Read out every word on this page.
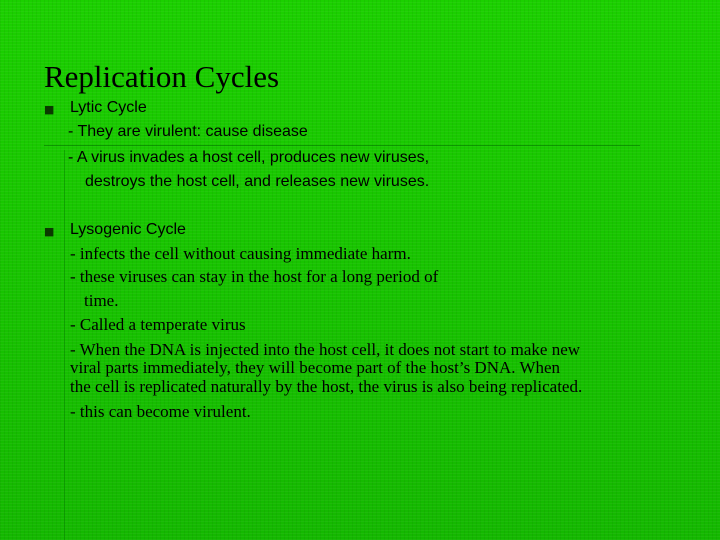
Replication Cycles
■ Lytic Cycle
- They are virulent: cause disease
- A virus invades a host cell, produces new viruses,
destroys the host cell, and releases new viruses.
■ Lysogenic Cycle
- infects the cell without causing immediate harm.
- these viruses can stay in the host for a long period of
time.
- Called a temperate virus
- When the DNA is injected into the host cell, it does not start to make new
viral parts immediately, they will become part of the host’s DNA. When
the cell is replicated naturally by the host, the virus is also being replicated.
- this can become virulent.
